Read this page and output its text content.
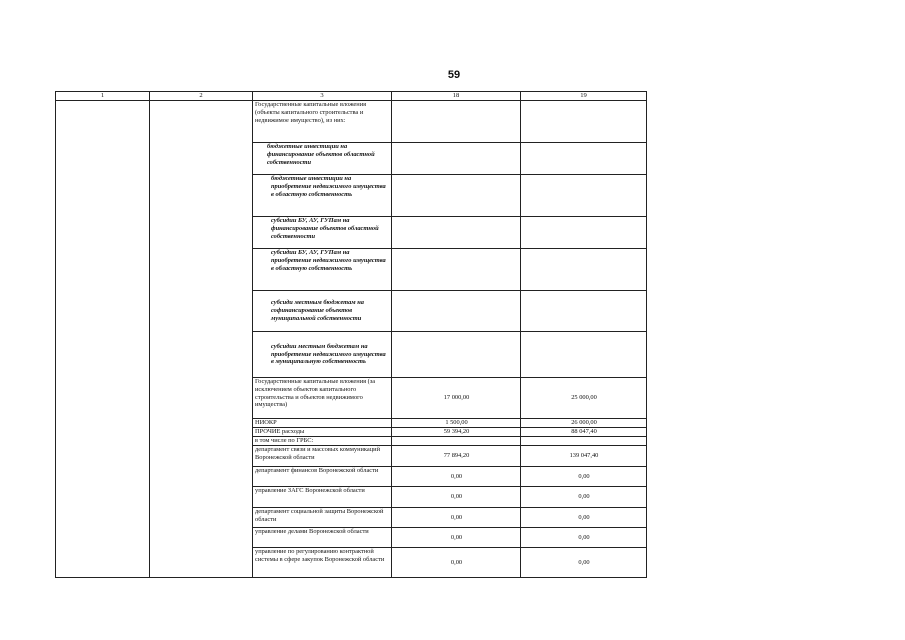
59
1	2	3	18	19
		Государственные капитальные вложения (объекты капитального строительства и недвижимое имущество), из них:		
		бюджетные инвестиции на финансирование объектов областной собственности		
		бюджетные инвестиции на приобретение недвижимого имущества в областную собственность		
		субсидии БУ, АУ, ГУПам на финансирование объектов областной собственности		
		субсидии БУ, АУ, ГУПам на приобретение недвижимого имущества в областную собственность		
		субсиди местным бюджетам на софинансирование объектов муниципальной собственности		
		субсидии местным бюджетам на приобретение недвижимого имущества в муниципальную собственность		
		Государственные капитальные вложения (за исключением объектов капитального строительства и объектов недвижимого имущества)	17 000,00	25 000,00
		НИОКР	1 500,00	26 000,00
		ПРОЧИЕ расходы	59 394,20	88 047,40
		в том числе по ГРБС:		
		департамент связи и массовых коммуникаций Воронежской области	77 894,20	139 047,40
		департамент финансов Воронежской области	0,00	0,00
		управление ЗАГС Воронежской области	0,00	0,00
		департамент социальной защиты Воронежской области	0,00	0,00
		управление делами Воронежской области	0,00	0,00
		управление по регулированию контрактной системы в сфере закупок Воронежской области	0,00	0,00
